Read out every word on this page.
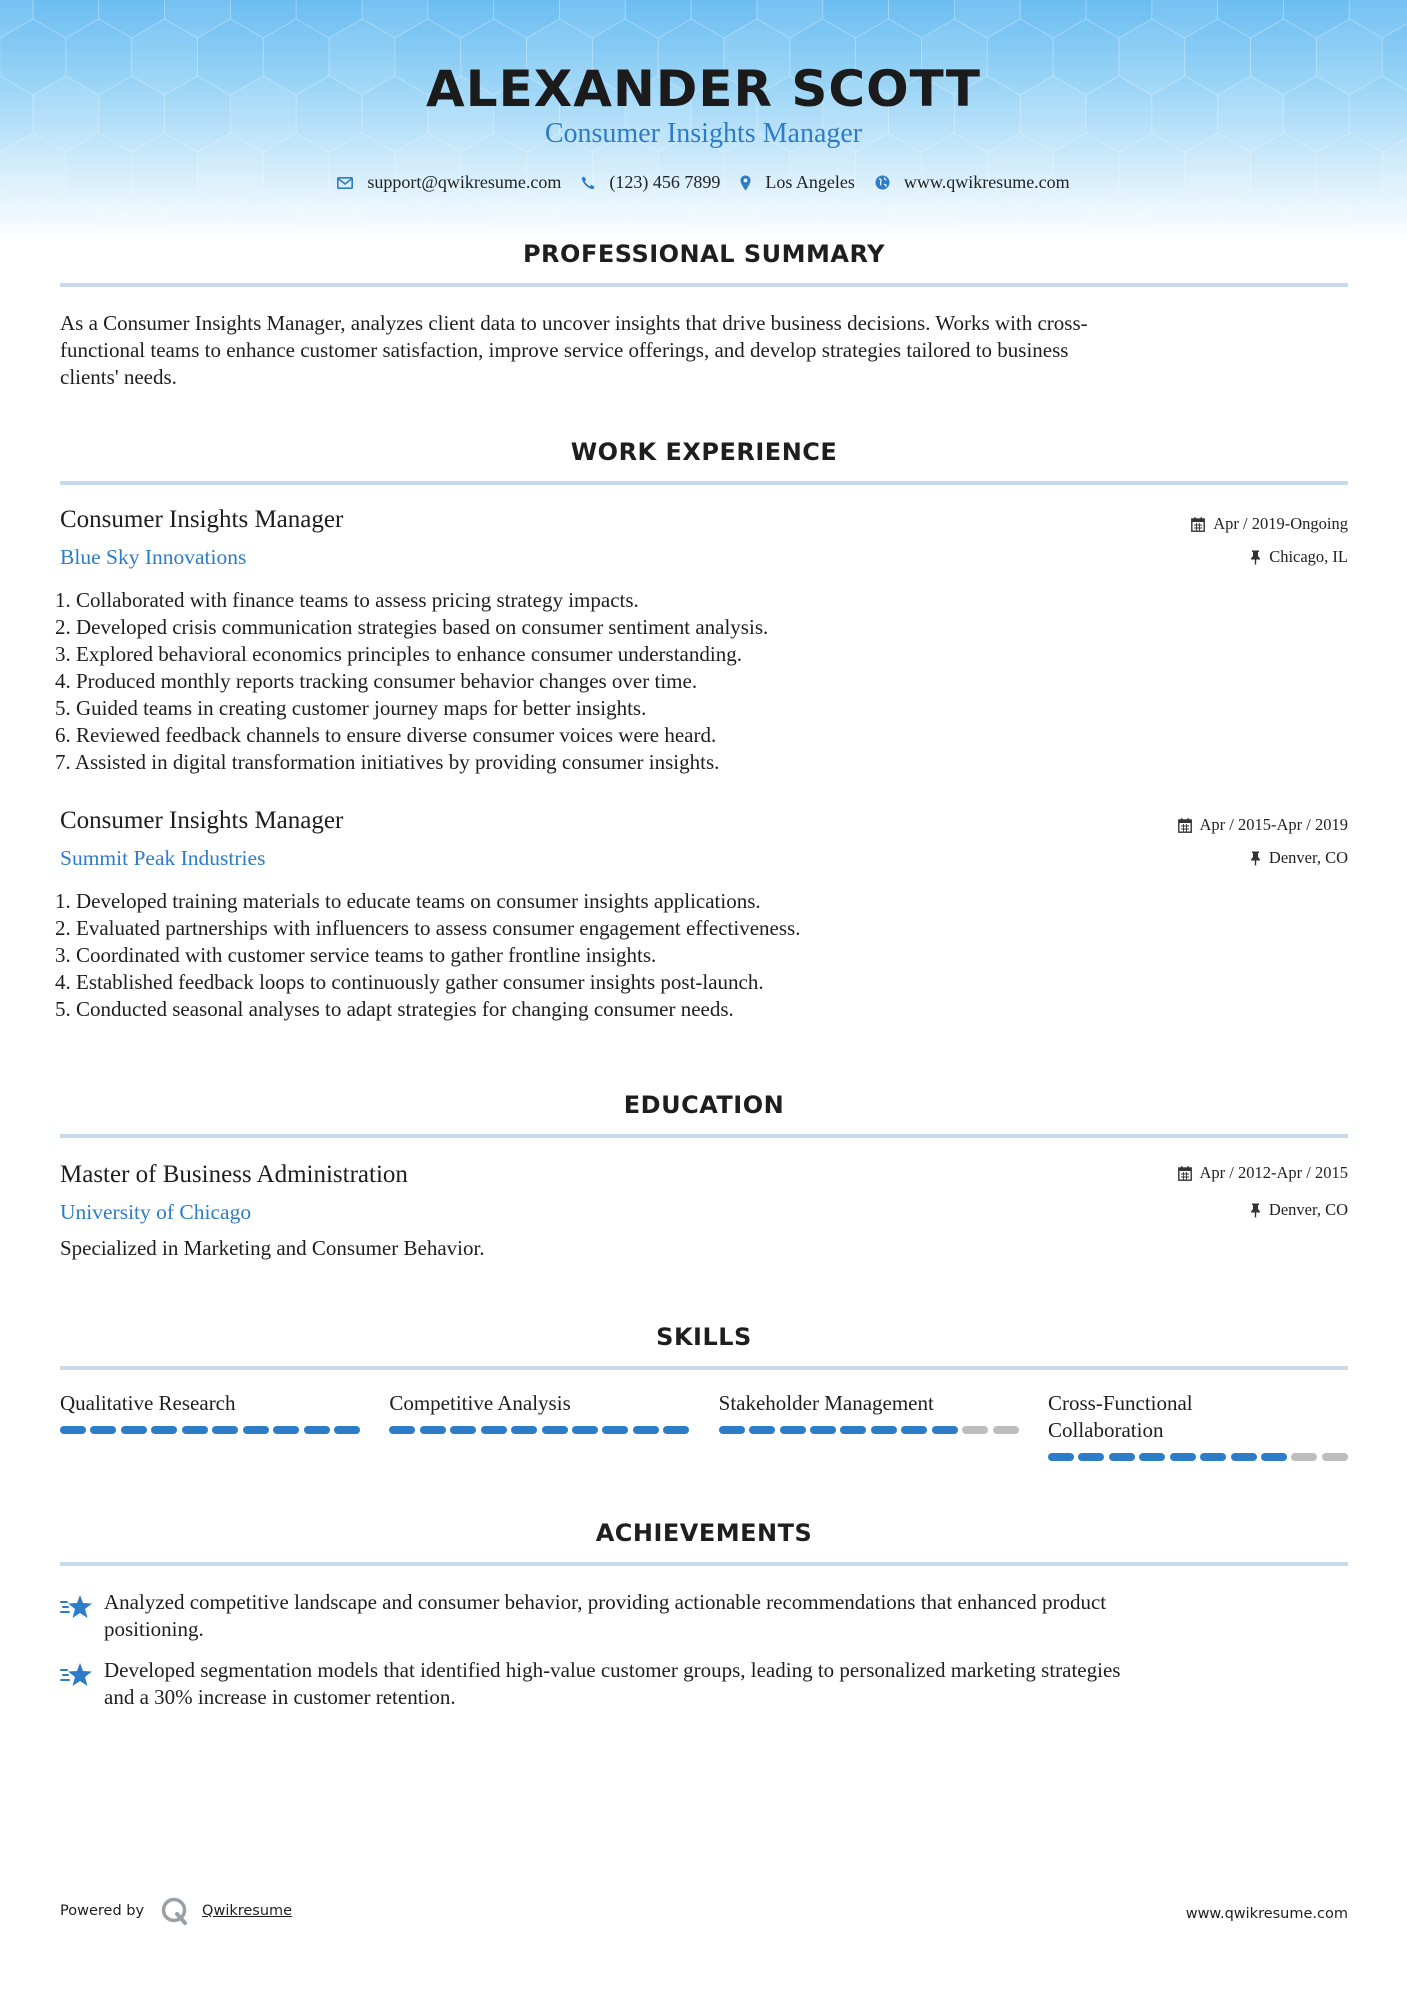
ALEXANDER SCOTT
Consumer Insights Manager
support@qwikresume.com	(123) 456 7899	Los Angeles	www.qwikresume.com
PROFESSIONAL SUMMARY
As a Consumer Insights Manager, analyzes client data to uncover insights that drive business decisions. Works with cross-
functional teams to enhance customer satisfaction, improve service offerings, and develop strategies tailored to business
clients' needs.
WORK EXPERIENCE
Consumer Insights Manager
Blue Sky Innovations
Apr / 2019-Ongoing
Chicago, IL
1. Collaborated with finance teams to assess pricing strategy impacts.
2. Developed crisis communication strategies based on consumer sentiment analysis.
3. Explored behavioral economics principles to enhance consumer understanding.
4. Produced monthly reports tracking consumer behavior changes over time.
5. Guided teams in creating customer journey maps for better insights.
6. Reviewed feedback channels to ensure diverse consumer voices were heard.
7. Assisted in digital transformation initiatives by providing consumer insights.
Consumer Insights Manager
Summit Peak Industries
Apr / 2015-Apr / 2019
Denver, CO
1. Developed training materials to educate teams on consumer insights applications.
2. Evaluated partnerships with influencers to assess consumer engagement effectiveness.
3. Coordinated with customer service teams to gather frontline insights.
4. Established feedback loops to continuously gather consumer insights post-launch.
5. Conducted seasonal analyses to adapt strategies for changing consumer needs.
EDUCATION
Master of Business Administration
University of Chicago
Apr / 2012-Apr / 2015
Denver, CO
Specialized in Marketing and Consumer Behavior.
SKILLS
Qualitative Research	Competitive Analysis	Stakeholder Management	Cross-Functional
Collaboration
ACHIEVEMENTS
Analyzed competitive landscape and consumer behavior, providing actionable recommendations that enhanced product
positioning.
Developed segmentation models that identified high-value customer groups, leading to personalized marketing strategies
and a 30% increase in customer retention.
Powered by	Qwikresume	www.qwikresume.com
